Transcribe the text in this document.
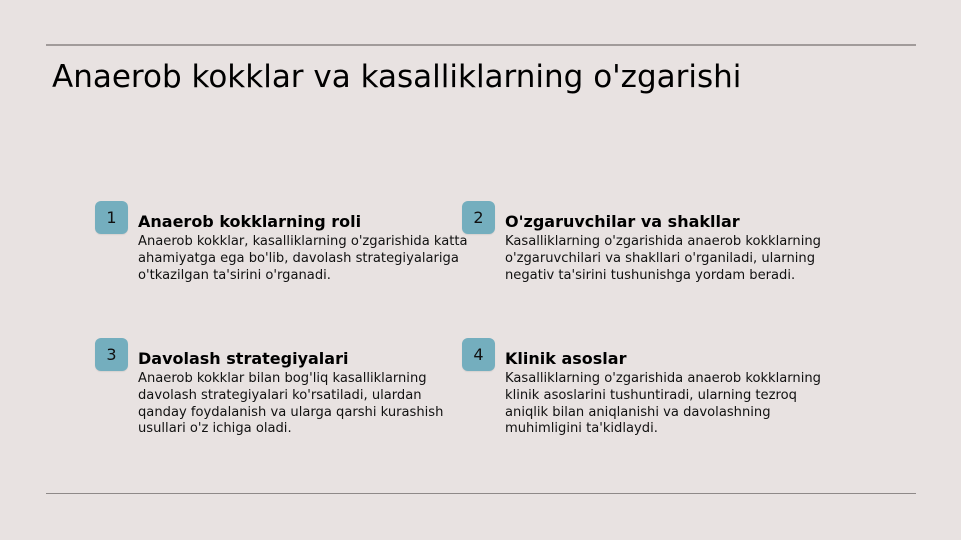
Anaerob kokklar va kasalliklarning o'zgarishi
1	Anaerob kokklarning roli

Anaerob kokklar, kasalliklarning o'zgarishida katta ahamiyatga ega bo'lib, davolash strategiyalariga o'tkazilgan ta'sirini o'rganadi.

2	O'zgaruvchilar va shakllar

Kasalliklarning o'zgarishida anaerob kokklarning o'zgaruvchilari va shakllari o'rganiladi, ularning negativ ta'sirini tushunishga yordam beradi.

3	Davolash strategiyalari

Anaerob kokklar bilan bog'liq kasalliklarning davolash strategiyalari ko'rsatiladi, ulardan qanday foydalanish va ularga qarshi kurashish usullari o'z ichiga oladi.

4	Klinik asoslar

Kasalliklarning o'zgarishida anaerob kokklarning klinik asoslarini tushuntiradi, ularning tezroq aniqlik bilan aniqlanishi va davolashning muhimligini ta'kidlaydi.
